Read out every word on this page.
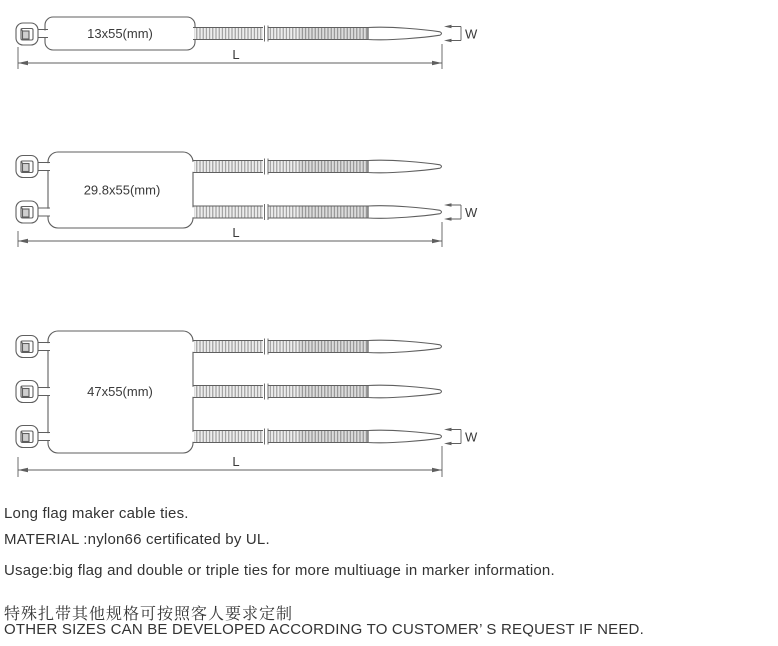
13x55(mm)
L
W
29.8x55(mm)
L
W
47x55(mm)
L
W
Long flag maker cable ties.
MATERIAL :nylon66 certificated by UL.
Usage:big flag and double or triple ties for more multiuage in marker information.
特殊扎带其他规格可按照客人要求定制
OTHER SIZES CAN BE DEVELOPED ACCORDING TO CUSTOMER’ S REQUEST IF NEED.
